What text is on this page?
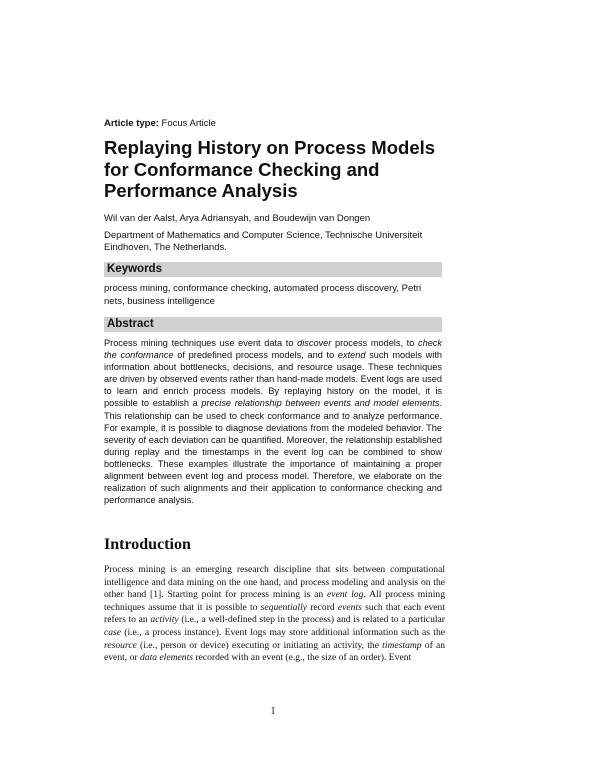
Article type: Focus Article
Replaying History on Process Models for Conformance Checking and Performance Analysis
Wil van der Aalst, Arya Adriansyah, and Boudewijn van Dongen
Department of Mathematics and Computer Science, Technische Universiteit Eindhoven, The Netherlands.
Keywords
process mining, conformance checking, automated process discovery, Petri nets, business intelligence
Abstract

Process mining techniques use event data to discover process models, to check the conformance of predefined process models, and to extend such models with information about bottlenecks, decisions, and resource usage. These techniques are driven by observed events rather than hand-made models. Event logs are used to learn and enrich process models. By replaying history on the model, it is possible to establish a precise relationship between events and model elements. This relationship can be used to check conformance and to analyze performance. For example, it is possible to diagnose deviations from the modeled behavior. The severity of each deviation can be quantified. Moreover, the relationship established during replay and the timestamps in the event log can be combined to show bottlenecks. These examples illustrate the importance of maintaining a proper alignment between event log and process model. Therefore, we elaborate on the realization of such alignments and their application to conformance checking and performance analysis.

Introduction

Process mining is an emerging research discipline that sits between computational intelligence and data mining on the one hand, and process modeling and analysis on the other hand [1]. Starting point for process mining is an event log. All process mining techniques assume that it is possible to sequentially record events such that each event refers to an activity (i.e., a well-defined step in the process) and is related to a particular case (i.e., a process instance). Event logs may store additional information such as the resource (i.e., person or device) executing or initiating an activity, the timestamp of an event, or data elements recorded with an event (e.g., the size of an order). Event

1
